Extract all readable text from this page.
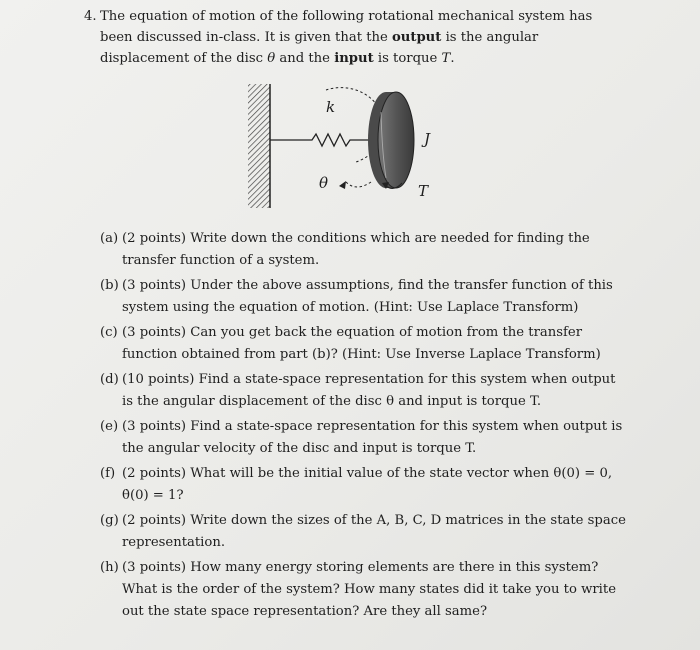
4. The equation of motion of the following rotational mechanical system has been discussed in-class. It is given that the output is the angular displacement of the disc θ and the input is torque T.
k
J
θ	T
(a) (2 points) Write down the conditions which are needed for finding the transfer function of a system.
(b) (3 points) Under the above assumptions, find the transfer function of this system using the equation of motion. (Hint: Use Laplace Transform)
(c) (3 points) Can you get back the equation of motion from the transfer function obtained from part (b)? (Hint: Use Inverse Laplace Transform)
(d) (10 points) Find a state-space representation for this system when output is the angular displacement of the disc θ and input is torque T.
(e) (3 points) Find a state-space representation for this system when output is the angular velocity of the disc and input is torque T.
(f) (2 points) What will be the initial value of the state vector when θ(0) = 0, θ̇(0) = 1?
(g) (2 points) Write down the sizes of the A, B, C, D matrices in the state space representation.
(h) (3 points) How many energy storing elements are there in this system? What is the order of the system? How many states did it take you to write out the state space representation? Are they all same?
